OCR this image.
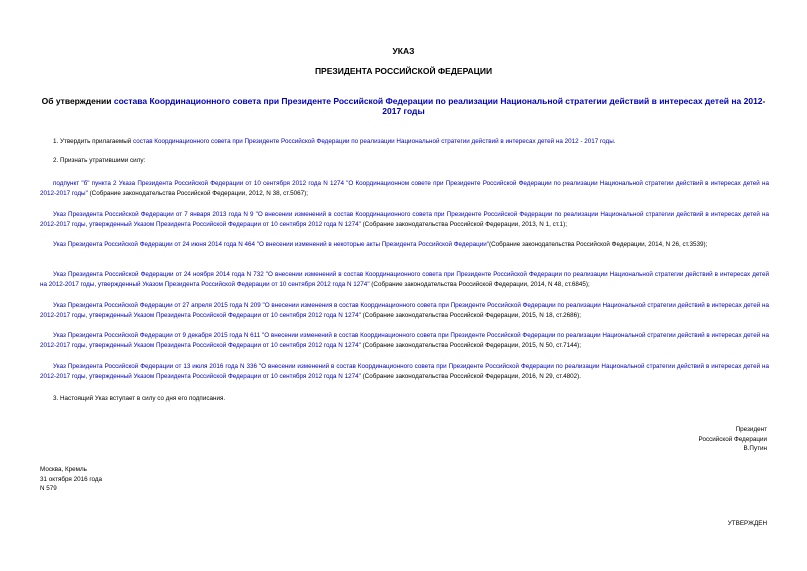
УКАЗ
ПРЕЗИДЕНТА РОССИЙСКОЙ ФЕДЕРАЦИИ
Об утверждении состава Координационного совета при Президенте Российской Федерации по реализации Национальной стратегии действий в интересах детей на 2012-2017 годы
1. Утвердить прилагаемый состав Координационного совета при Президенте Российской Федерации по реализации Национальной стратегии действий в интересах детей на 2012 - 2017 годы.
2. Признать утратившими силу:
подпункт "б" пункта 2 Указа Президента Российской Федерации от 10 сентября 2012 года N 1274 "О Координационном совете при Президенте Российской Федерации по реализации Национальной стратегии действий в интересах детей на 2012-2017 годы" (Собрание законодательства Российской Федерации, 2012, N 38, ст.5067);
Указ Президента Российской Федерации от 7 января 2013 года N 9 "О внесении изменений в состав Координационного совета при Президенте Российской Федерации по реализации Национальной стратегии действий в интересах детей на 2012-2017 годы, утвержденный Указом Президента Российской Федерации от 10 сентября 2012 года N 1274" (Собрание законодательства Российской Федерации, 2013, N 1, ст.1);
Указ Президента Российской Федерации от 24 июня 2014 года N 464 "О внесении изменений в некоторые акты Президента Российской Федерации"(Собрание законодательства Российской Федерации, 2014, N 26, ст.3539);
Указ Президента Российской Федерации от 24 ноября 2014 года N 732 "О внесении изменений в состав Координационного совета при Президенте Российской Федерации по реализации Национальной стратегии действий в интересах детей на 2012-2017 годы, утвержденный Указом Президента Российской Федерации от 10 сентября 2012 года N 1274" (Собрание законодательства Российской Федерации, 2014, N 48, ст.6845);
Указ Президента Российской Федерации от 27 апреля 2015 года N 209 "О внесении изменения в состав Координационного совета при Президенте Российской Федерации по реализации Национальной стратегии действий в интересах детей на 2012-2017 годы, утвержденный Указом Президента Российской Федерации от 10 сентября 2012 года N 1274" (Собрание законодательства Российской Федерации, 2015, N 18, ст.2686);
Указ Президента Российской Федерации от 9 декабря 2015 года N 611 "О внесении изменений в состав Координационного совета при Президенте Российской Федерации по реализации Национальной стратегии действий в интересах детей на 2012-2017 годы, утвержденный Указом Президента Российской Федерации от 10 сентября 2012 года N 1274" (Собрание законодательства Российской Федерации, 2015, N 50, ст.7144);
Указ Президента Российской Федерации от 13 июля 2016 года N 336 "О внесении изменений в состав Координационного совета при Президенте Российской Федерации по реализации Национальной стратегии действий в интересах детей на 2012-2017 годы, утвержденный Указом Президента Российской Федерации от 10 сентября 2012 года N 1274" (Собрание законодательства Российской Федерации, 2016, N 29, ст.4802).
3. Настоящий Указ вступает в силу со дня его подписания.
Президент
Российской Федерации
В.Путин
Москва, Кремль
31 октября 2016 года
N 579
УТВЕРЖДЕН
